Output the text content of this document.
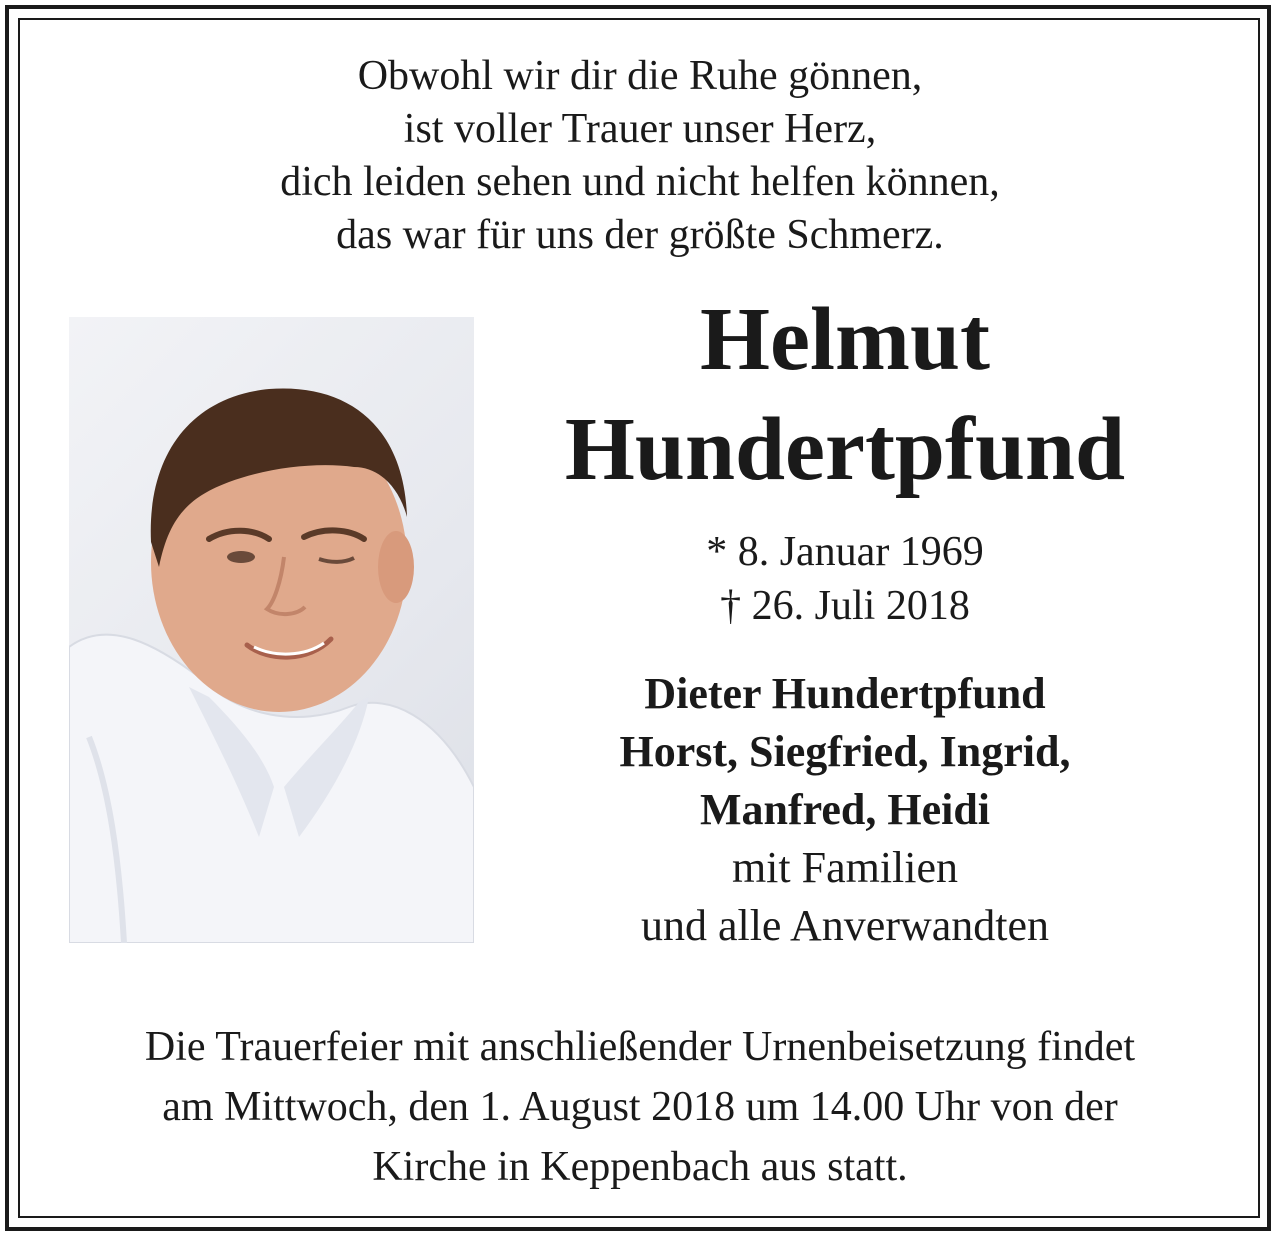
Obwohl wir dir die Ruhe gönnen,
ist voller Trauer unser Herz,
dich leiden sehen und nicht helfen können,
das war für uns der größte Schmerz.
Helmut
Hundertpfund
* 8. Januar 1969
† 26. Juli 2018
Dieter Hundertpfund
Horst, Siegfried, Ingrid,
Manfred, Heidi
mit Familien
und alle Anverwandten
Die Trauerfeier mit anschließender Urnenbeisetzung findet
am Mittwoch, den 1. August 2018 um 14.00 Uhr von der
Kirche in Keppenbach aus statt.
